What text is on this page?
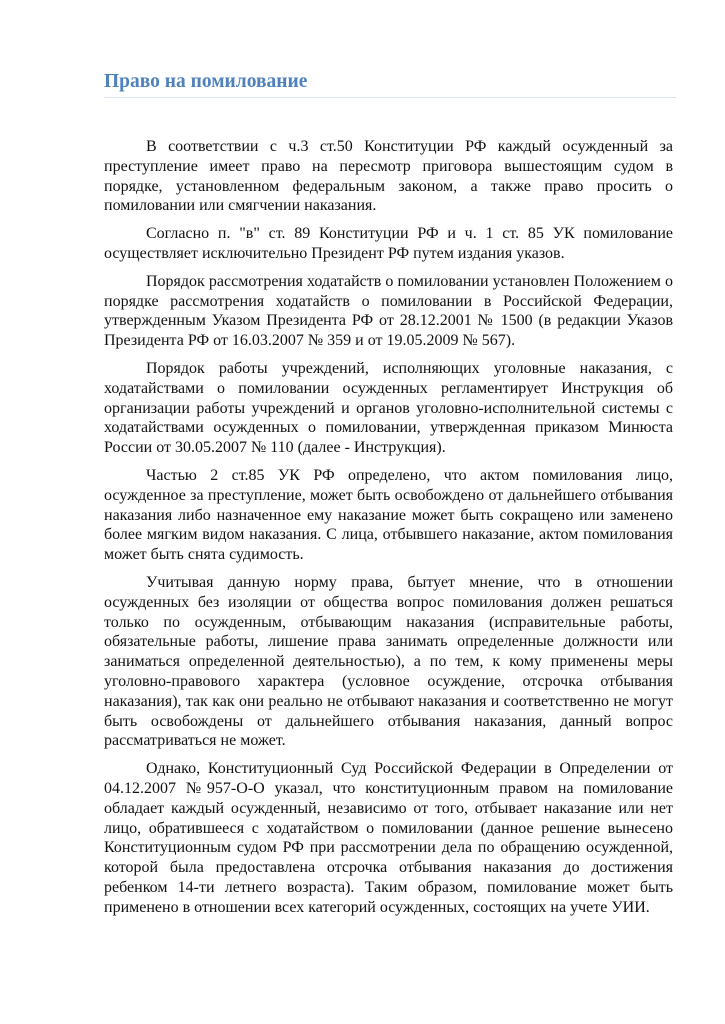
Право на помилование

В соответствии с ч.3 ст.50 Конституции РФ каждый осужденный за преступление имеет право на пересмотр приговора вышестоящим судом в порядке, установленном федеральным законом, а также право просить о помиловании или смягчении наказания.

Согласно п. "в" ст. 89 Конституции РФ и ч. 1 ст. 85 УК помилование осуществляет исключительно Президент РФ путем издания указов.

Порядок рассмотрения ходатайств о помиловании установлен Положением о порядке рассмотрения ходатайств о помиловании в Российской Федерации, утвержденным Указом Президента РФ от 28.12.2001 № 1500 (в редакции Указов Президента РФ от 16.03.2007 № 359 и от 19.05.2009 № 567).

Порядок работы учреждений, исполняющих уголовные наказания, с ходатайствами о помиловании осужденных регламентирует Инструкция об организации работы учреждений и органов уголовно-исполнительной системы с ходатайствами осужденных о помиловании, утвержденная приказом Минюста России от 30.05.2007 № 110 (далее - Инструкция).

Частью 2 ст.85 УК РФ определено, что актом помилования лицо, осужденное за преступление, может быть освобождено от дальнейшего отбывания наказания либо назначенное ему наказание может быть сокращено или заменено более мягким видом наказания. С лица, отбывшего наказание, актом помилования может быть снята судимость.

Учитывая данную норму права, бытует мнение, что в отношении осужденных без изоляции от общества вопрос помилования должен решаться только по осужденным, отбывающим наказания (исправительные работы, обязательные работы, лишение права занимать определенные должности или заниматься определенной деятельностью), а по тем, к кому применены меры уголовно-правового характера (условное осуждение, отсрочка отбывания наказания), так как они реально не отбывают наказания и соответственно не могут быть освобождены от дальнейшего отбывания наказания, данный вопрос рассматриваться не может.

Однако, Конституционный Суд Российской Федерации в Определении от 04.12.2007 №957-О-О указал, что конституционным правом на помилование обладает каждый осужденный, независимо от того, отбывает наказание или нет лицо, обратившееся с ходатайством о помиловании (данное решение вынесено Конституционным судом РФ при рассмотрении дела по обращению осужденной, которой была предоставлена отсрочка отбывания наказания до достижения ребенком 14-ти летнего возраста). Таким образом, помилование может быть применено в отношении всех категорий осужденных, состоящих на учете УИИ.
